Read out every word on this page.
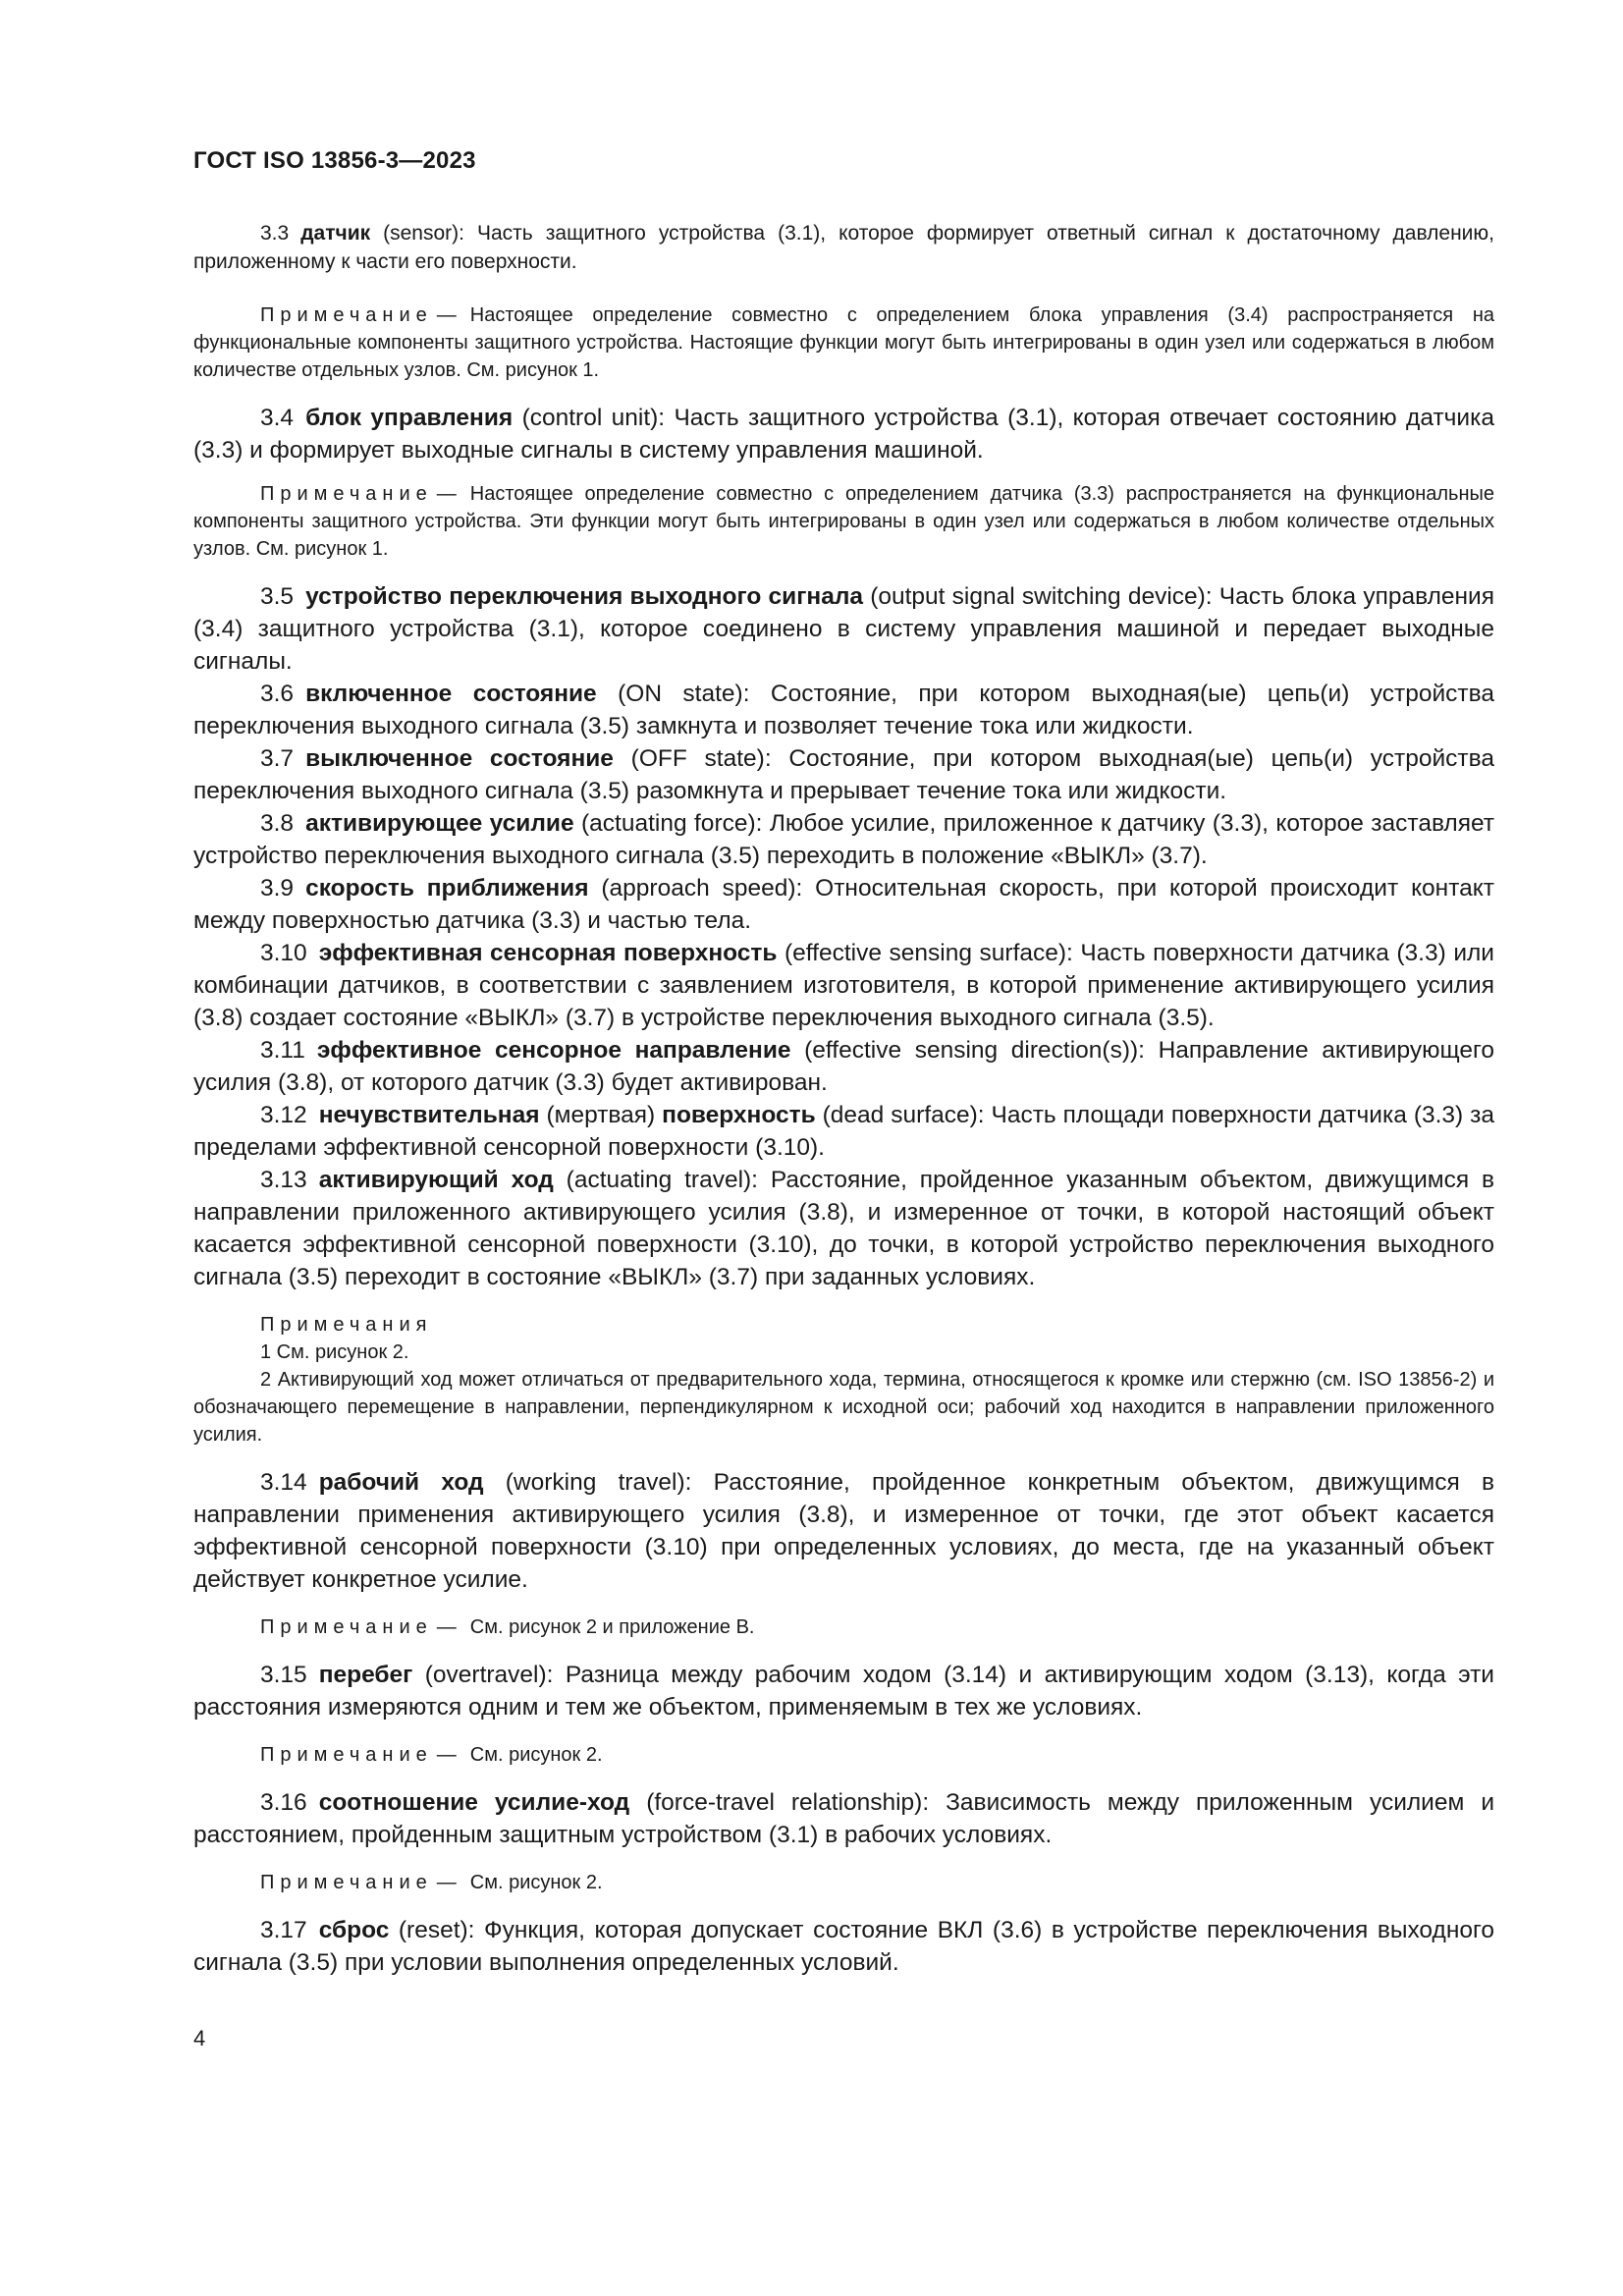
ГОСТ ISO 13856-3—2023

3.3 датчик (sensor): Часть защитного устройства (3.1), которое формирует ответный сигнал к достаточному давлению, приложенному к части его поверхности.

Примечание — Настоящее определение совместно с определением блока управления (3.4) распространяется на функциональные компоненты защитного устройства. Настоящие функции могут быть интегрированы в один узел или содержаться в любом количестве отдельных узлов. См. рисунок 1.

3.4 блок управления (control unit): Часть защитного устройства (3.1), которая отвечает состоянию датчика (3.3) и формирует выходные сигналы в систему управления машиной.

Примечание — Настоящее определение совместно с определением датчика (3.3) распространяется на функциональные компоненты защитного устройства. Эти функции могут быть интегрированы в один узел или содержаться в любом количестве отдельных узлов. См. рисунок 1.

3.5 устройство переключения выходного сигнала (output signal switching device): Часть блока управления (3.4) защитного устройства (3.1), которое соединено в систему управления машиной и передает выходные сигналы.

3.6 включенное состояние (ON state): Состояние, при котором выходная(ые) цепь(и) устройства переключения выходного сигнала (3.5) замкнута и позволяет течение тока или жидкости.

3.7 выключенное состояние (OFF state): Состояние, при котором выходная(ые) цепь(и) устройства переключения выходного сигнала (3.5) разомкнута и прерывает течение тока или жидкости.

3.8 активирующее усилие (actuating force): Любое усилие, приложенное к датчику (3.3), которое заставляет устройство переключения выходного сигнала (3.5) переходить в положение «ВЫКЛ» (3.7).

3.9 скорость приближения (approach speed): Относительная скорость, при которой происходит контакт между поверхностью датчика (3.3) и частью тела.

3.10 эффективная сенсорная поверхность (effective sensing surface): Часть поверхности датчика (3.3) или комбинации датчиков, в соответствии с заявлением изготовителя, в которой применение активирующего усилия (3.8) создает состояние «ВЫКЛ» (3.7) в устройстве переключения выходного сигнала (3.5).

3.11 эффективное сенсорное направление (effective sensing direction(s)): Направление активирующего усилия (3.8), от которого датчик (3.3) будет активирован.

3.12 нечувствительная (мертвая) поверхность (dead surface): Часть площади поверхности датчика (3.3) за пределами эффективной сенсорной поверхности (3.10).

3.13 активирующий ход (actuating travel): Расстояние, пройденное указанным объектом, движущимся в направлении приложенного активирующего усилия (3.8), и измеренное от точки, в которой настоящий объект касается эффективной сенсорной поверхности (3.10), до точки, в которой устройство переключения выходного сигнала (3.5) переходит в состояние «ВЫКЛ» (3.7) при заданных условиях.

Примечания

1 См. рисунок 2.

2 Активирующий ход может отличаться от предварительного хода, термина, относящегося к кромке или стержню (см. ISO 13856-2) и обозначающего перемещение в направлении, перпендикулярном к исходной оси; рабочий ход находится в направлении приложенного усилия.

3.14 рабочий ход (working travel): Расстояние, пройденное конкретным объектом, движущимся в направлении применения активирующего усилия (3.8), и измеренное от точки, где этот объект касается эффективной сенсорной поверхности (3.10) при определенных условиях, до места, где на указанный объект действует конкретное усилие.

Примечание — См. рисунок 2 и приложение В.

3.15 перебег (overtravel): Разница между рабочим ходом (3.14) и активирующим ходом (3.13), когда эти расстояния измеряются одним и тем же объектом, применяемым в тех же условиях.

Примечание — См. рисунок 2.

3.16 соотношение усилие-ход (force-travel relationship): Зависимость между приложенным усилием и расстоянием, пройденным защитным устройством (3.1) в рабочих условиях.

Примечание — См. рисунок 2.

3.17 сброс (reset): Функция, которая допускает состояние ВКЛ (3.6) в устройстве переключения выходного сигнала (3.5) при условии выполнения определенных условий.

4
